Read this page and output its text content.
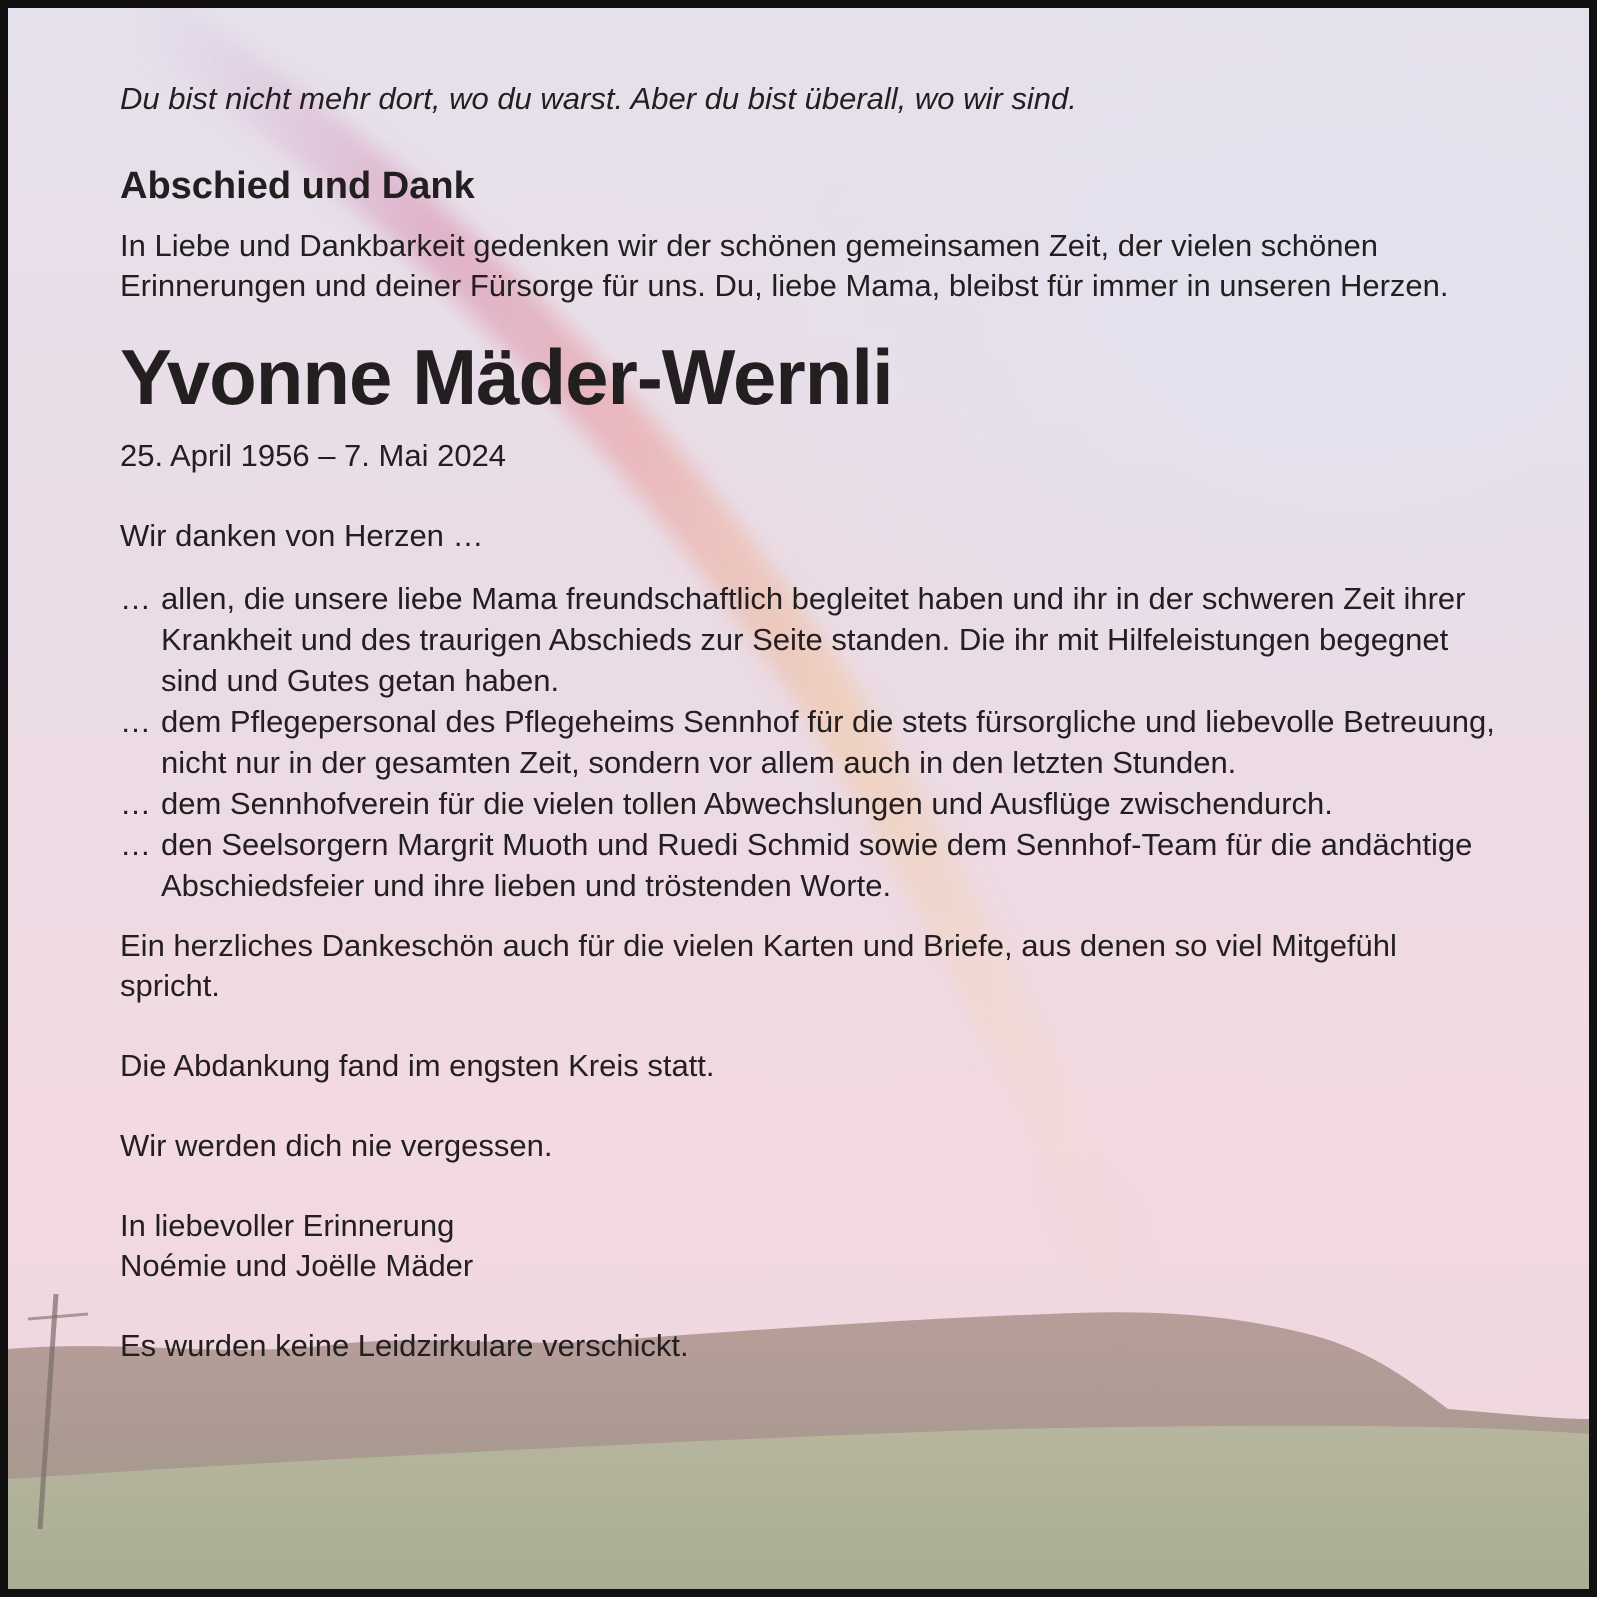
Du bist nicht mehr dort, wo du warst. Aber du bist überall, wo wir sind.

Abschied und Dank

In Liebe und Dankbarkeit gedenken wir der schönen gemeinsamen Zeit, der vielen schönen Erinnerungen und deiner Fürsorge für uns. Du, liebe Mama, bleibst für immer in unseren Herzen.

Yvonne Mäder-Wernli

25. April 1956 – 7. Mai 2024

Wir danken von Herzen …

… allen, die unsere liebe Mama freundschaftlich begleitet haben und ihr in der schweren Zeit ihrer Krankheit und des traurigen Abschieds zur Seite standen. Die ihr mit Hilfeleistungen begegnet sind und Gutes getan haben.
… dem Pflegepersonal des Pflegeheims Sennhof für die stets fürsorgliche und liebevolle Betreuung, nicht nur in der gesamten Zeit, sondern vor allem auch in den letzten Stunden.
… dem Sennhofverein für die vielen tollen Abwechslungen und Ausflüge zwischendurch.
… den Seelsorgern Margrit Muoth und Ruedi Schmid sowie dem Sennhof-Team für die andächtige Abschiedsfeier und ihre lieben und tröstenden Worte.

Ein herzliches Dankeschön auch für die vielen Karten und Briefe, aus denen so viel Mitgefühl spricht.

Die Abdankung fand im engsten Kreis statt.

Wir werden dich nie vergessen.

In liebevoller Erinnerung

Noémie und Joëlle Mäder

Es wurden keine Leidzirkulare verschickt.
